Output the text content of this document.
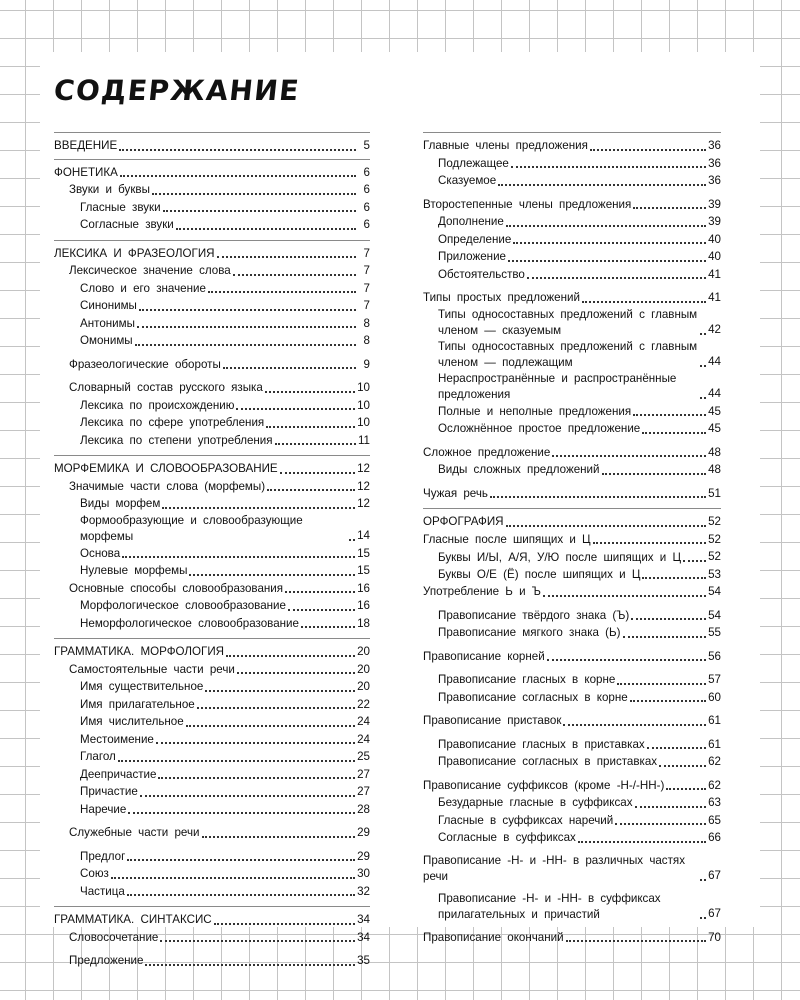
СОДЕРЖАНИЕ
ВВЕДЕНИЕ	5
ФОНЕТИКА	6
Звуки и буквы	6
Гласные звуки	6
Согласные звуки	6
ЛЕКСИКА И ФРАЗЕОЛОГИЯ	7
Лексическое значение слова	7
Слово и его значение	7
Синонимы	7
Антонимы	8
Омонимы	8
Фразеологические обороты	9
Словарный состав русского языка	10
Лексика по происхождению	10
Лексика по сфере употребления	10
Лексика по степени употребления	11
МОРФЕМИКА И СЛОВООБРАЗОВАНИЕ	12
Значимые части слова (морфемы)	12
Виды морфем	12
Формообразующие и словообразующие морфемы	14
Основа	15
Нулевые морфемы	15
Основные способы словообразования	16
Морфологическое словообразование	16
Неморфологическое словообразование	18
ГРАММАТИКА. МОРФОЛОГИЯ	20
Самостоятельные части речи	20
Имя существительное	20
Имя прилагательное	22
Имя числительное	24
Местоимение	24
Глагол	25
Деепричастие	27
Причастие	27
Наречие	28
Служебные части речи	29
Предлог	29
Союз	30
Частица	32
ГРАММАТИКА. СИНТАКСИС	34
Словосочетание	34
Предложение	35
Главные члены предложения	36
Подлежащее	36
Сказуемое	36
Второстепенные члены предложения	39
Дополнение	39
Определение	40
Приложение	40
Обстоятельство	41
Типы простых предложений	41
Типы односоставных предложений с главным членом — сказуемым	42
Типы односоставных предложений с главным членом — подлежащим	44
Нераспространённые и распространённые предложения	44
Полные и неполные предложения	45
Осложнённое простое предложение	45
Сложное предложение	48
Виды сложных предложений	48
Чужая речь	51
ОРФОГРАФИЯ	52
Гласные после шипящих и Ц	52
Буквы И/Ы, А/Я, У/Ю после шипящих и Ц 52
Буквы О/Е (Ё) после шипящих и Ц	53
Употребление Ь и Ъ	54
Правописание твёрдого знака (Ъ)	54
Правописание мягкого знака (Ь)	55
Правописание корней	56
Правописание гласных в корне	57
Правописание согласных в корне	60
Правописание приставок	61
Правописание гласных в приставках	61
Правописание согласных в приставках	62
Правописание суффиксов (кроме -Н-/-НН-)	62
Безударные гласные в суффиксах	63
Гласные в суффиксах наречий	65
Согласные в суффиксах	66
Правописание -Н- и -НН- в различных частях речи	67
Правописание -Н- и -НН- в суффиксах прилагательных и причастий	67
Правописание окончаний	70
